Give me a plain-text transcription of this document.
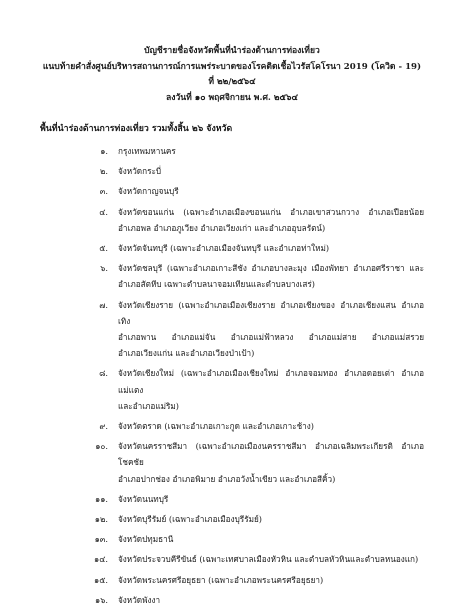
บัญชีรายชื่อจังหวัดพื้นที่นำร่องด้านการท่องเที่ยว
แนบท้ายคำสั่งศูนย์บริหารสถานการณ์การแพร่ระบาดของโรคติดเชื้อไวรัสโคโรนา 2019 (โควิด - 19)
ที่ ๒๒/๒๕๖๔
ลงวันที่ ๑๐ พฤศจิกายน พ.ศ. ๒๕๖๔
พื้นที่นำร่องด้านการท่องเที่ยว รวมทั้งสิ้น ๒๖ จังหวัด
๑. กรุงเทพมหานคร
๒. จังหวัดกระบี่
๓. จังหวัดกาญจนบุรี
๔. จังหวัดขอนแก่น (เฉพาะอำเภอเมืองขอนแก่น อำเภอเขาสวนกวาง อำเภอเปือยน้อย
อำเภอพล อำเภอภูเวียง อำเภอเวียงเก่า และอำเภออุบลรัตน์)
๕. จังหวัดจันทบุรี (เฉพาะอำเภอเมืองจันทบุรี และอำเภอท่าใหม่)
๖. จังหวัดชลบุรี (เฉพาะอำเภอเกาะสีชัง อำเภอบางละมุง เมืองพัทยา อำเภอศรีราชา และ
อำเภอสัตหีบ เฉพาะตำบลนาจอมเทียนและตำบลบางเสร่)
๗. จังหวัดเชียงราย (เฉพาะอำเภอเมืองเชียงราย อำเภอเชียงของ อำเภอเชียงแสน อำเภอเทิง
อำเภอพาน อำเภอแม่จัน อำเภอแม่ฟ้าหลวง อำเภอแม่สาย อำเภอแม่สรวย
อำเภอเวียงแก่น และอำเภอเวียงป่าเป้า)
๘. จังหวัดเชียงใหม่ (เฉพาะอำเภอเมืองเชียงใหม่ อำเภอจอมทอง อำเภอดอยเต่า อำเภอแม่แตง
และอำเภอแม่ริม)
๙. จังหวัดตราด (เฉพาะอำเภอเกาะกูด และอำเภอเกาะช้าง)
๑๐. จังหวัดนครราชสีมา (เฉพาะอำเภอเมืองนครราชสีมา อำเภอเฉลิมพระเกียรติ อำเภอโชคชัย
อำเภอปากช่อง อำเภอพิมาย อำเภอวังน้ำเขียว และอำเภอสีคิ้ว)
๑๑. จังหวัดนนทบุรี
๑๒. จังหวัดบุรีรัมย์ (เฉพาะอำเภอเมืองบุรีรัมย์)
๑๓. จังหวัดปทุมธานี
๑๔. จังหวัดประจวบคีรีขันธ์ (เฉพาะเทศบาลเมืองหัวหิน และตำบลหัวหินและตำบลหนองแก)
๑๕. จังหวัดพระนครศรีอยุธยา (เฉพาะอำเภอพระนครศรีอยุธยา)
๑๖. จังหวัดพังงา
